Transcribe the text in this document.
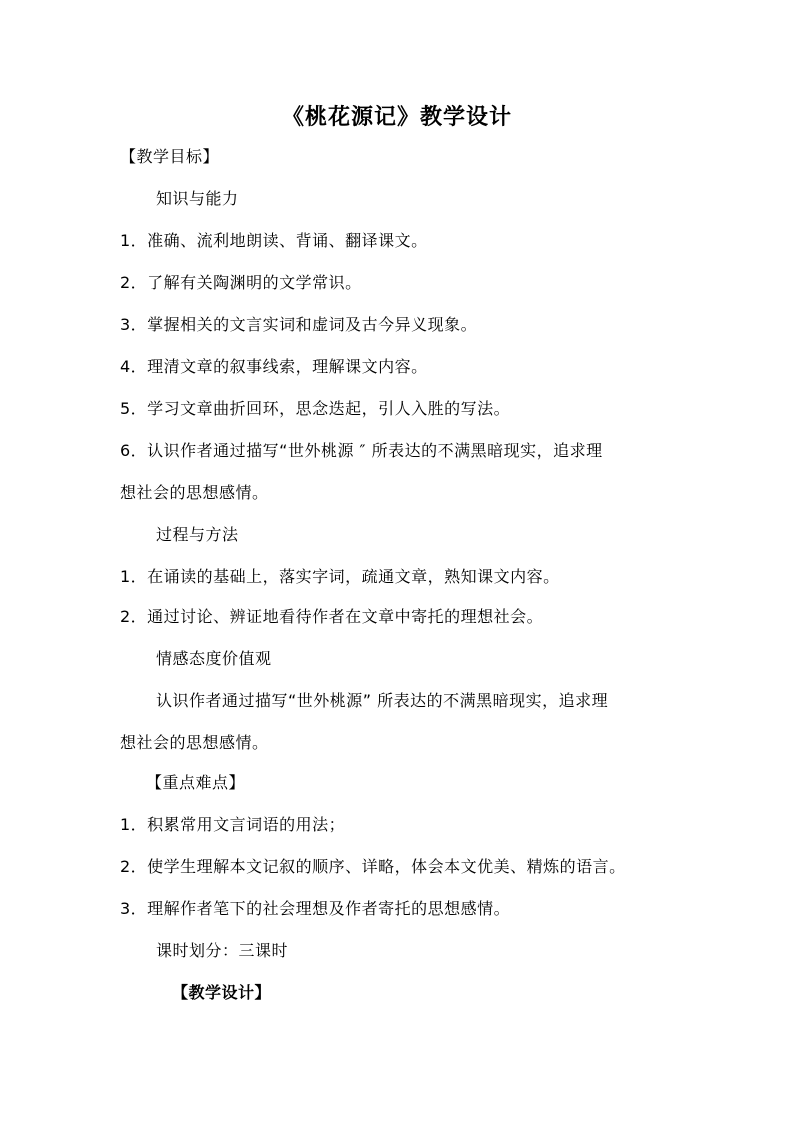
《桃花源记》教学设计
【教学目标】
知识与能力
1．准确、流利地朗读、背诵、翻译课文。
2．了解有关陶渊明的文学常识。
3．掌握相关的文言实词和虚词及古今异义现象。
4．理清文章的叙事线索，理解课文内容。
5．学习文章曲折回环，思念迭起，引人入胜的写法。
6．认识作者通过描写“世外桃源 ″ 所表达的不满黑暗现实，追求理
想社会的思想感情。
过程与方法
1．在诵读的基础上，落实字词，疏通文章，熟知课文内容。
2．通过讨论、辨证地看待作者在文章中寄托的理想社会。
情感态度价值观
认识作者通过描写“世外桃源” 所表达的不满黑暗现实，追求理
想社会的思想感情。
【重点难点】
1．积累常用文言词语的用法；
2．使学生理解本文记叙的顺序、详略，体会本文优美、精炼的语言。
3．理解作者笔下的社会理想及作者寄托的思想感情。
课时划分：三课时
【教学设计】
